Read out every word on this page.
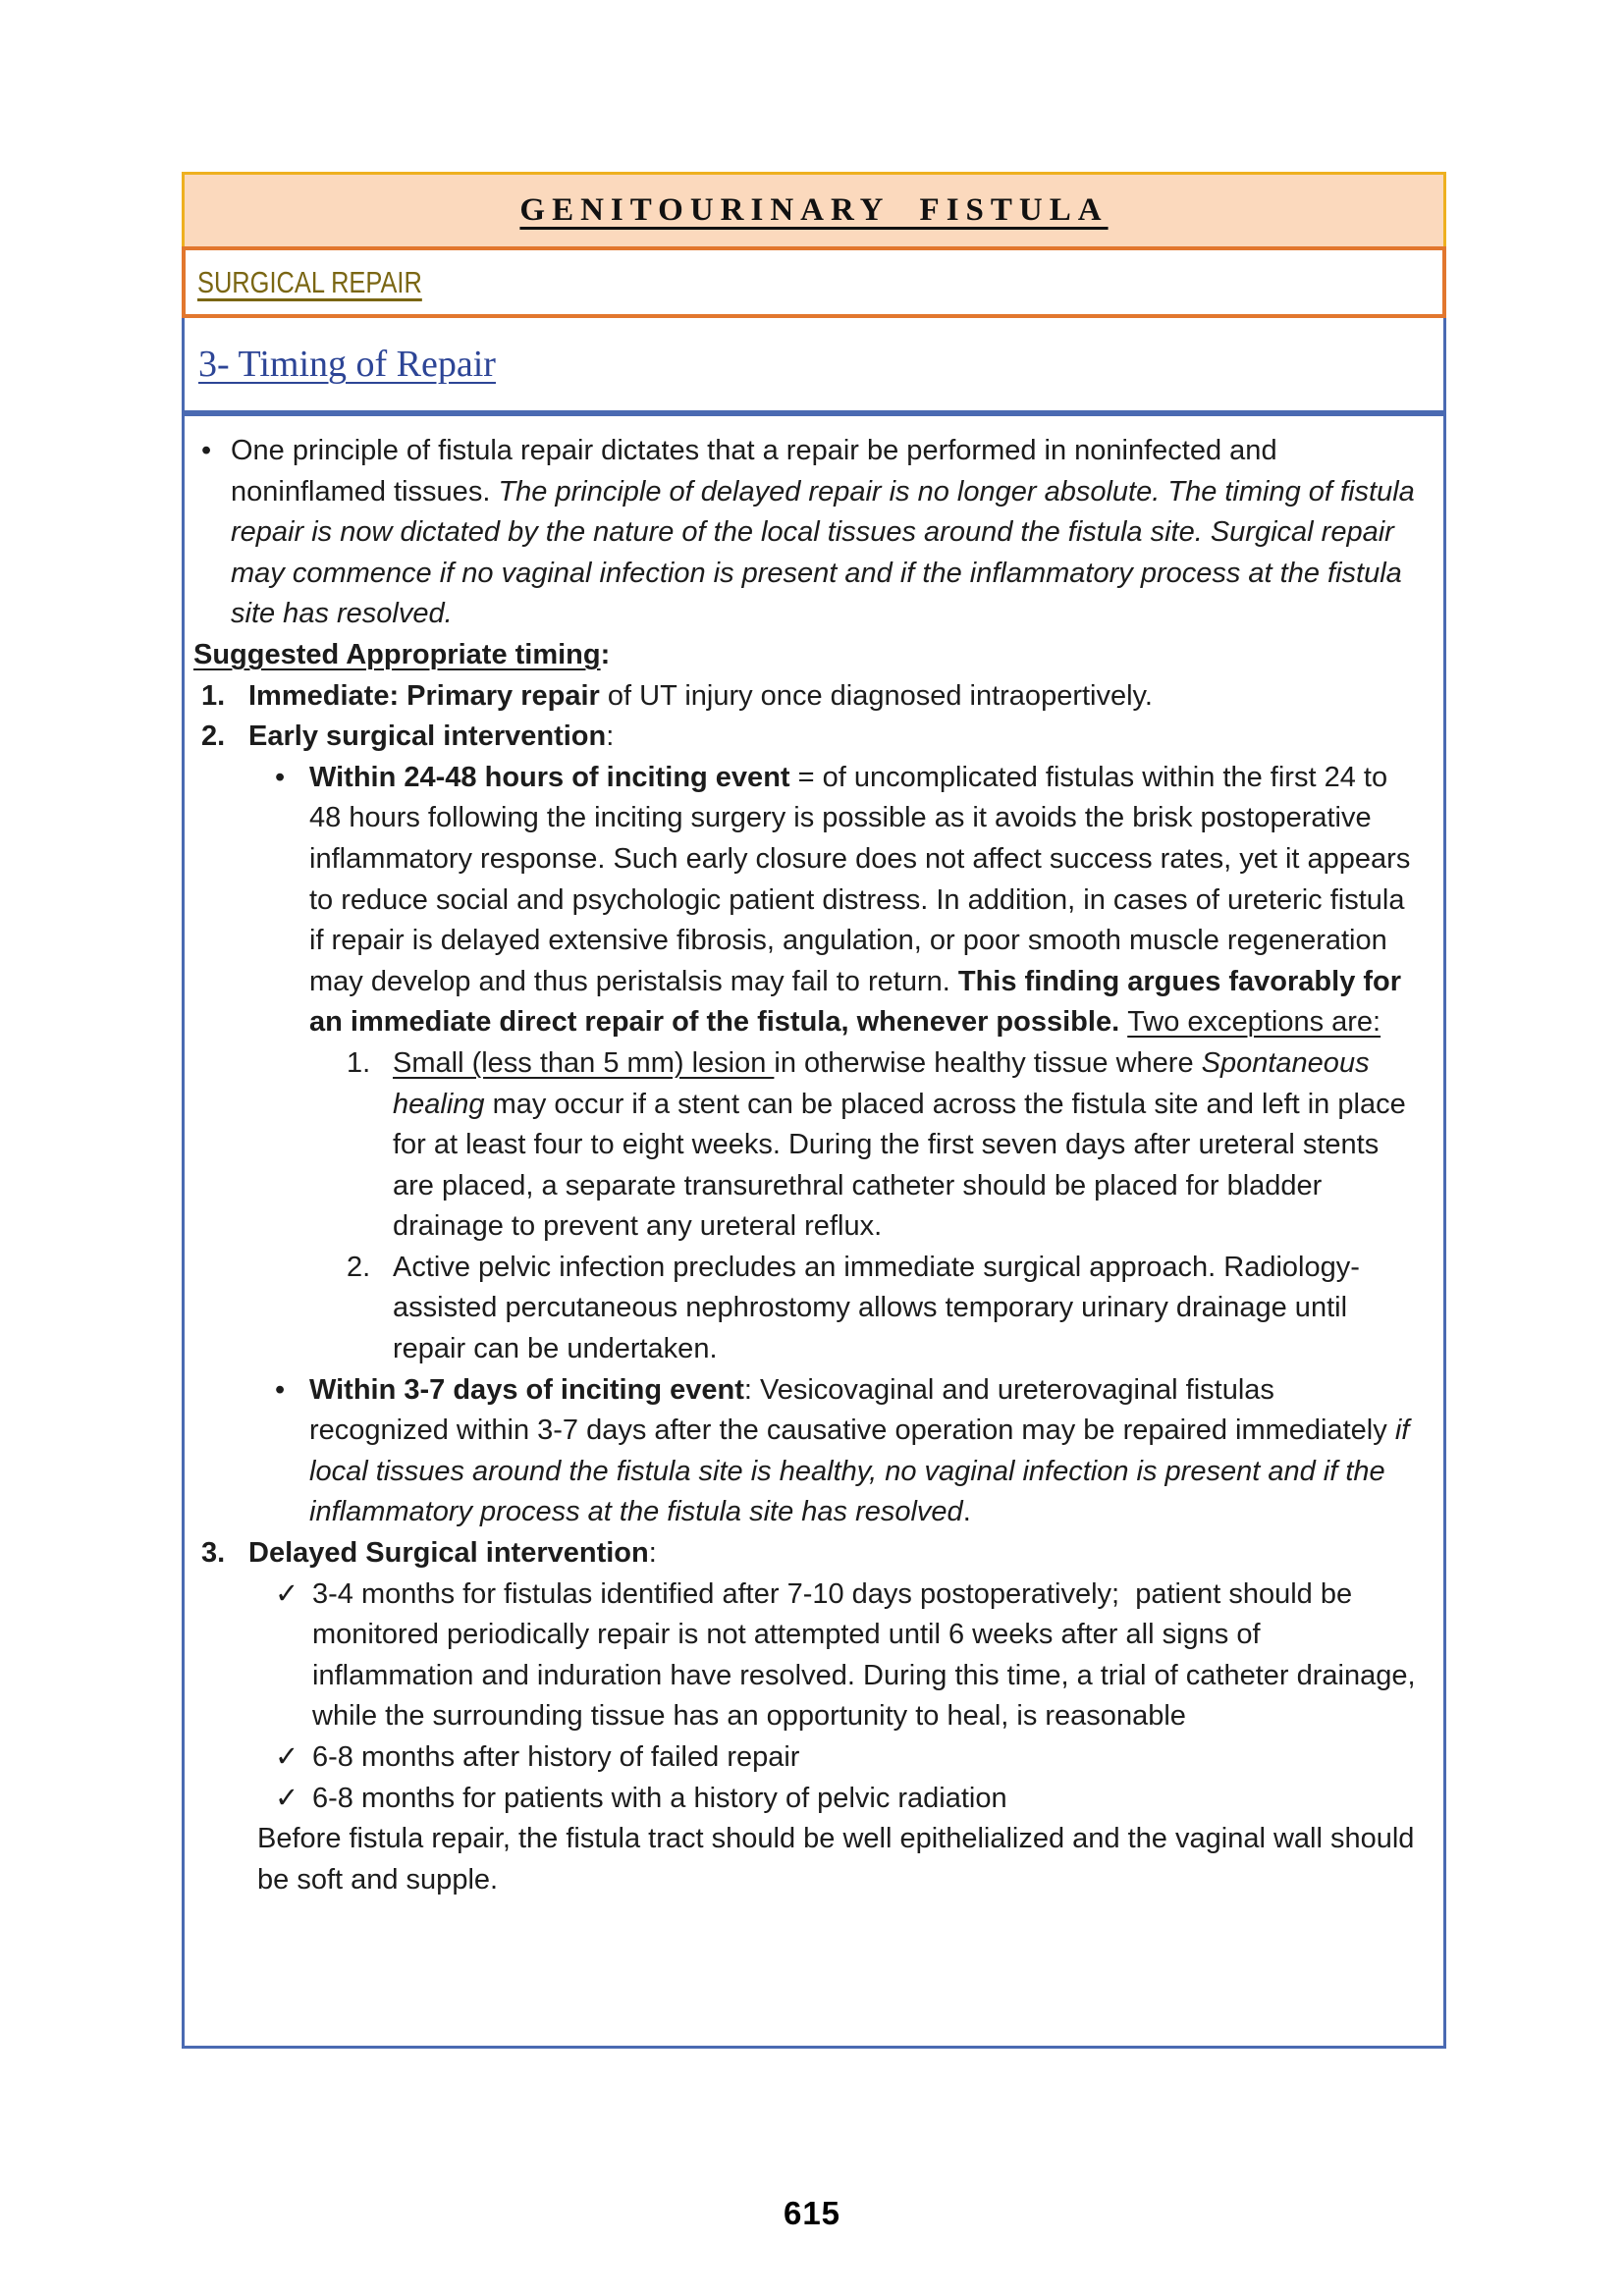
GENITOURINARY FISTULA
SURGICAL REPAIR
3- Timing of Repair
• One principle of fistula repair dictates that a repair be performed in noninfected and noninflamed tissues. The principle of delayed repair is no longer absolute. The timing of fistula repair is now dictated by the nature of the local tissues around the fistula site. Surgical repair may commence if no vaginal infection is present and if the inflammatory process at the fistula site has resolved.
Suggested Appropriate timing:
1. Immediate: Primary repair of UT injury once diagnosed intraopertively.
2. Early surgical intervention:
• Within 24-48 hours of inciting event = of uncomplicated fistulas within the first 24 to 48 hours following the inciting surgery is possible as it avoids the brisk postoperative inflammatory response. Such early closure does not affect success rates, yet it appears to reduce social and psychologic patient distress. In addition, in cases of ureteric fistula if repair is delayed extensive fibrosis, angulation, or poor smooth muscle regeneration may develop and thus peristalsis may fail to return. This finding argues favorably for an immediate direct repair of the fistula, whenever possible. Two exceptions are:
1. Small (less than 5 mm) lesion in otherwise healthy tissue where Spontaneous healing may occur if a stent can be placed across the fistula site and left in place for at least four to eight weeks. During the first seven days after ureteral stents are placed, a separate transurethral catheter should be placed for bladder drainage to prevent any ureteral reflux.
2. Active pelvic infection precludes an immediate surgical approach. Radiology-assisted percutaneous nephrostomy allows temporary urinary drainage until repair can be undertaken.
• Within 3-7 days of inciting event: Vesicovaginal and ureterovaginal fistulas recognized within 3-7 days after the causative operation may be repaired immediately if local tissues around the fistula site is healthy, no vaginal infection is present and if the inflammatory process at the fistula site has resolved.
3. Delayed Surgical intervention:
✓ 3-4 months for fistulas identified after 7-10 days postoperatively;  patient should be monitored periodically repair is not attempted until 6 weeks after all signs of inflammation and induration have resolved. During this time, a trial of catheter drainage, while the surrounding tissue has an opportunity to heal, is reasonable
✓ 6-8 months after history of failed repair
✓ 6-8 months for patients with a history of pelvic radiation
Before fistula repair, the fistula tract should be well epithelialized and the vaginal wall should be soft and supple.
615
